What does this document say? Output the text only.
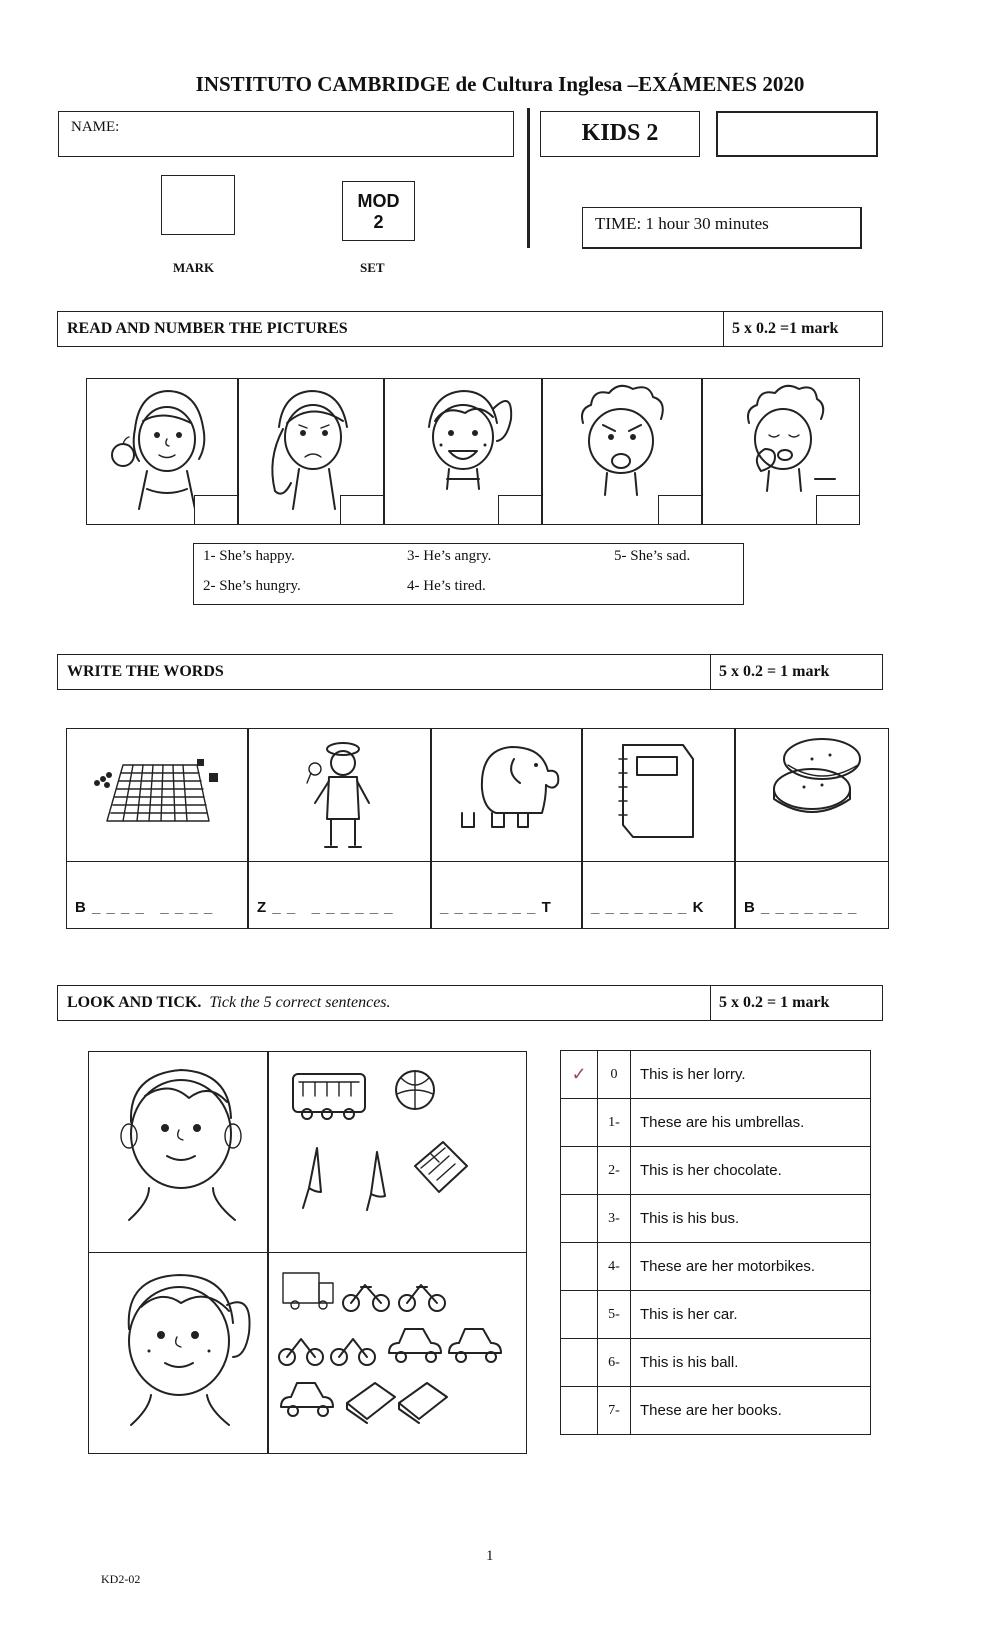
INSTITUTO CAMBRIDGE de Cultura Inglesa –EXÁMENES 2020
NAME:	KIDS 2
MOD
2
MARK	SET
TIME: 1 hour 30 minutes
READ AND NUMBER THE PICTURES	5 x 0.2 =1 mark
1- She’s happy.
2- She’s hungry.
3- He’s angry.
4- He’s tired.
5- She’s sad.
WRITE THE WORDS	5 x 0.2 = 1 mark
B _ _ _ _   _ _ _ _	Z _ _   _ _ _ _ _ _	_ _ _ _ _ _ _ T	_ _ _ _ _ _ _ K	B _ _ _ _ _ _ _
LOOK AND TICK. Tick the 5 correct sentences.	5 x 0.2 = 1 mark
✓	0	This is her lorry.
	1-	These are his umbrellas.
	2-	This is her chocolate.
	3-	This is his bus.
	4-	These are her motorbikes.
	5-	This is her car.
	6-	This is his ball.
	7-	These are her books.
1
KD2-02
